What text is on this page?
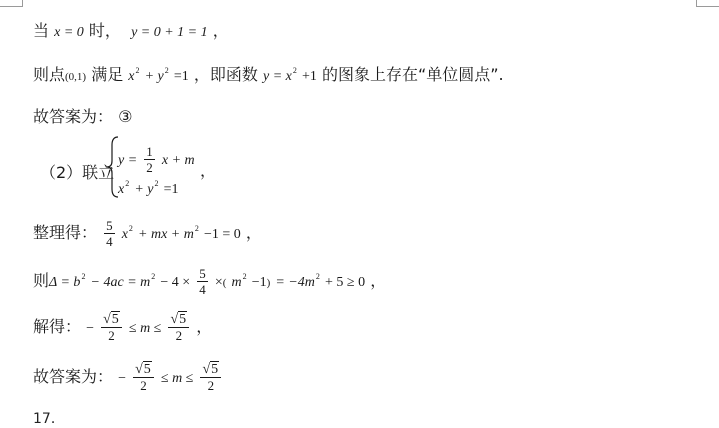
当 x = 0 时， y = 0 + 1 = 1 ，
则点(0,1) 满足 $x^2 + y^2 =1$ ，即函数 $y = x^2 +1$ 的图象上存在“单位圆点”.
故答案为： ③
（2）联立
$y = \frac{1}{2}$ x + m
$x^2 + y^2 =1$
，
整理得： $\frac{5}{4} x^2$ + mx + $m^2 -1 = 0$ ，
则$\Delta = b^2 - 4ac = m^2 - 4 \times \frac{5}{4}$ ×( $m^2 -1) = -4m^2 + 5 \ge 0$ ，
解得： − $\frac{√5}{2} \le m \le \frac{√5}{2}$ ，
故答案为： − $\frac{√5}{2} \le m \le \frac{√5}{2}$
17．
